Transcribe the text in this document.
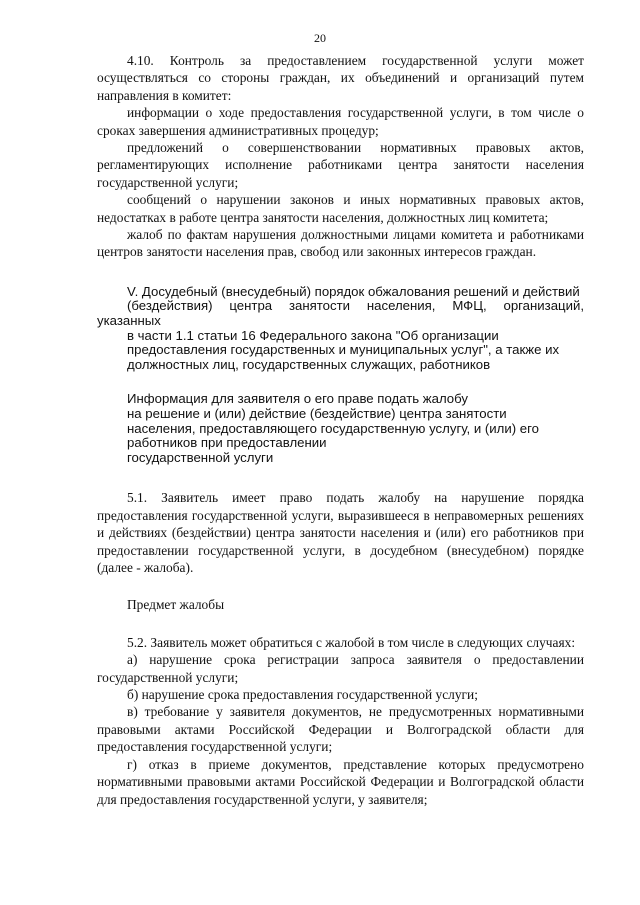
20

4.10. Контроль за предоставлением государственной услуги может осуществляться со стороны граждан, их объединений и организаций путем направления в комитет:

информации о ходе предоставления государственной услуги, в том числе о сроках завершения административных процедур;

предложений о совершенствовании нормативных правовых актов, регламентирующих исполнение работниками центра занятости населения государственной услуги;

сообщений о нарушении законов и иных нормативных правовых актов, недостатках в работе центра занятости населения, должностных лиц комитета;

жалоб по фактам нарушения должностными лицами комитета и работниками центров занятости населения прав, свобод или законных интересов граждан.

V. Досудебный (внесудебный) порядок обжалования решений и действий

(бездействия) центра занятости населения, МФЦ, организаций, указанных

в части 1.1 статьи 16 Федерального закона "Об организации

предоставления государственных и муниципальных услуг", а также их

должностных лиц, государственных служащих, работников

Информация для заявителя о его праве подать жалобу

на решение и (или) действие (бездействие) центра занятости

населения, предоставляющего государственную услугу, и (или) его

работников при предоставлении

государственной услуги

5.1. Заявитель имеет право подать жалобу на нарушение порядка предоставления государственной услуги, выразившееся в неправомерных решениях и действиях (бездействии) центра занятости населения и (или) его работников при предоставлении государственной услуги, в досудебном (внесудебном) порядке (далее - жалоба).

Предмет жалобы

5.2. Заявитель может обратиться с жалобой в том числе в следующих случаях:

а) нарушение срока регистрации запроса заявителя о предоставлении государственной услуги;

б) нарушение срока предоставления государственной услуги;

в) требование у заявителя документов, не предусмотренных нормативными правовыми актами Российской Федерации и Волгоградской области для предоставления государственной услуги;

г) отказ в приеме документов, представление которых предусмотрено нормативными правовыми актами Российской Федерации и Волгоградской области для предоставления государственной услуги, у заявителя;
